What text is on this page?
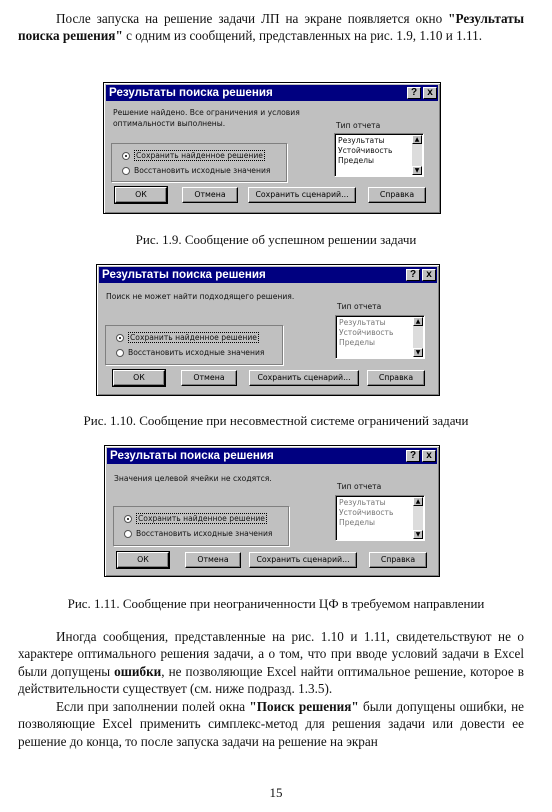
После запуска на решение задачи ЛП на экране появляется окно "Результаты поиска решения" с одним из сообщений, представленных на рис. 1.9, 1.10 и 1.11.
Результаты поиска решения	?	x
Решение найдено. Все ограничения и условия
оптимальности выполнены.
Сохранить найденное решение
Восстановить исходные значения
Тип отчета
Результаты
Устойчивость
Пределы
▲
▼
ОК	Отмена	Сохранить сценарий...	Справка
Рис. 1.9. Сообщение об успешном решении задачи
Результаты поиска решения	?	x
Поиск не может найти подходящего решения.
Сохранить найденное решение
Восстановить исходные значения
Тип отчета
Результаты
Устойчивость
Пределы
▲
▼
ОК	Отмена	Сохранить сценарий...	Справка
Рис. 1.10. Сообщение при несовместной системе ограничений задачи
Результаты поиска решения	?	x
Значения целевой ячейки не сходятся.
Сохранить найденное решение
Восстановить исходные значения
Тип отчета
Результаты
Устойчивость
Пределы
▲
▼
ОК	Отмена	Сохранить сценарий...	Справка
Рис. 1.11. Сообщение при неограниченности ЦФ в требуемом направлении
Иногда сообщения, представленные на рис. 1.10 и 1.11, свидетельствуют не о характере оптимального решения задачи, а о том, что при вводе условий задачи в Excel были допущены ошибки, не позволяющие Excel найти оптимальное решение, которое в действительности существует (см. ниже подразд. 1.3.5).
Если при заполнении полей окна "Поиск решения" были допущены ошибки, не позволяющие Excel применить симплекс-метод для решения задачи или довести ее решение до конца, то после запуска задачи на решение на экран
15
